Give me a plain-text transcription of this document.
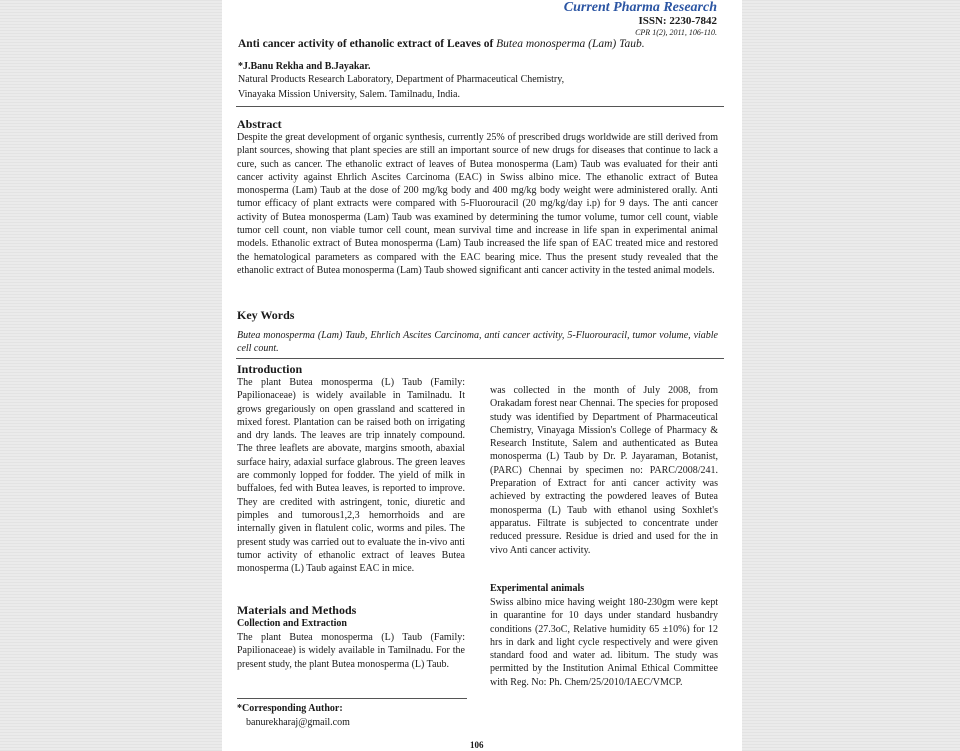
Current Pharma Research
ISSN: 2230-7842
CPR 1(2), 2011, 106-110.
Anti cancer activity of ethanolic extract of Leaves of Butea monosperma (Lam) Taub.
*J.Banu Rekha and B.Jayakar.
Natural Products Research Laboratory, Department of Pharmaceutical Chemistry,
Vinayaka Mission University, Salem. Tamilnadu, India.
Abstract
Despite the great development of organic synthesis, currently 25% of prescribed drugs worldwide are still derived from plant sources, showing that plant species are still an important source of new drugs for diseases that continue to lack a cure, such as cancer. The ethanolic extract of leaves of Butea monosperma (Lam) Taub was evaluated for their anti cancer activity against Ehrlich Ascites Carcinoma (EAC) in Swiss albino mice. The ethanolic extract of Butea monosperma (Lam) Taub at the dose of 200 mg/kg body and 400 mg/kg body weight were administered orally. Anti tumor efficacy of plant extracts were compared with 5-Fluorouracil (20 mg/kg/day i.p) for 9 days. The anti cancer activity of Butea monosperma (Lam) Taub was examined by determining the tumor volume, tumor cell count, viable tumor cell count, non viable tumor cell count, mean survival time and increase in life span in experimental animal models. Ethanolic extract of Butea monosperma (Lam) Taub increased the life span of EAC treated mice and restored the hematological parameters as compared with the EAC bearing mice. Thus the present study revealed that the ethanolic extract of Butea monosperma (Lam) Taub showed significant anti cancer activity in the tested animal models.
Key Words
Butea monosperma (Lam) Taub, Ehrlich Ascites Carcinoma, anti cancer activity, 5-Fluorouracil, tumor volume, viable cell count.
Introduction
The plant Butea monosperma (L) Taub (Family: Papilionaceae) is widely available in Tamilnadu. It grows gregariously on open grassland and scattered in mixed forest. Plantation can be raised both on irrigating and dry lands. The leaves are trip innately compound. The three leaflets are abovate, margins smooth, abaxial surface hairy, adaxial surface glabrous. The green leaves are commonly lopped for fodder. The yield of milk in buffaloes, fed with Butea leaves, is reported to improve. They are credited with astringent, tonic, diuretic and pimples and tumorous1,2,3 hemorrhoids and are internally given in flatulent colic, worms and piles. The present study was carried out to evaluate the in-vivo anti tumor activity of ethanolic extract of leaves Butea monosperma (L) Taub against EAC in mice.
Materials and Methods
Collection and Extraction
The plant Butea monosperma (L) Taub (Family: Papilionaceae) is widely available in Tamilnadu. For the present study, the plant Butea monosperma (L) Taub.
*Corresponding Author:
banurekharaj@gmail.com
was collected in the month of July 2008, from Orakadam forest near Chennai. The species for proposed study was identified by Department of Pharmaceutical Chemistry, Vinayaga Mission's College of Pharmacy & Research Institute, Salem and authenticated as Butea monosperma (L) Taub by Dr. P. Jayaraman, Botanist, (PARC) Chennai by specimen no: PARC/2008/241. Preparation of Extract for anti cancer activity was achieved by extracting the powdered leaves of Butea monosperma (L) Taub with ethanol using Soxhlet's apparatus. Filtrate is subjected to concentrate under reduced pressure. Residue is dried and used for the in vivo Anti cancer activity.
Experimental animals
Swiss albino mice having weight 180-230gm were kept in quarantine for 10 days under standard husbandry conditions (27.3oC, Relative humidity 65 ±10%) for 12 hrs in dark and light cycle respectively and were given standard food and water ad. libitum. The study was permitted by the Institution Animal Ethical Committee with Reg. No: Ph. Chem/25/2010/IAEC/VMCP.
106
